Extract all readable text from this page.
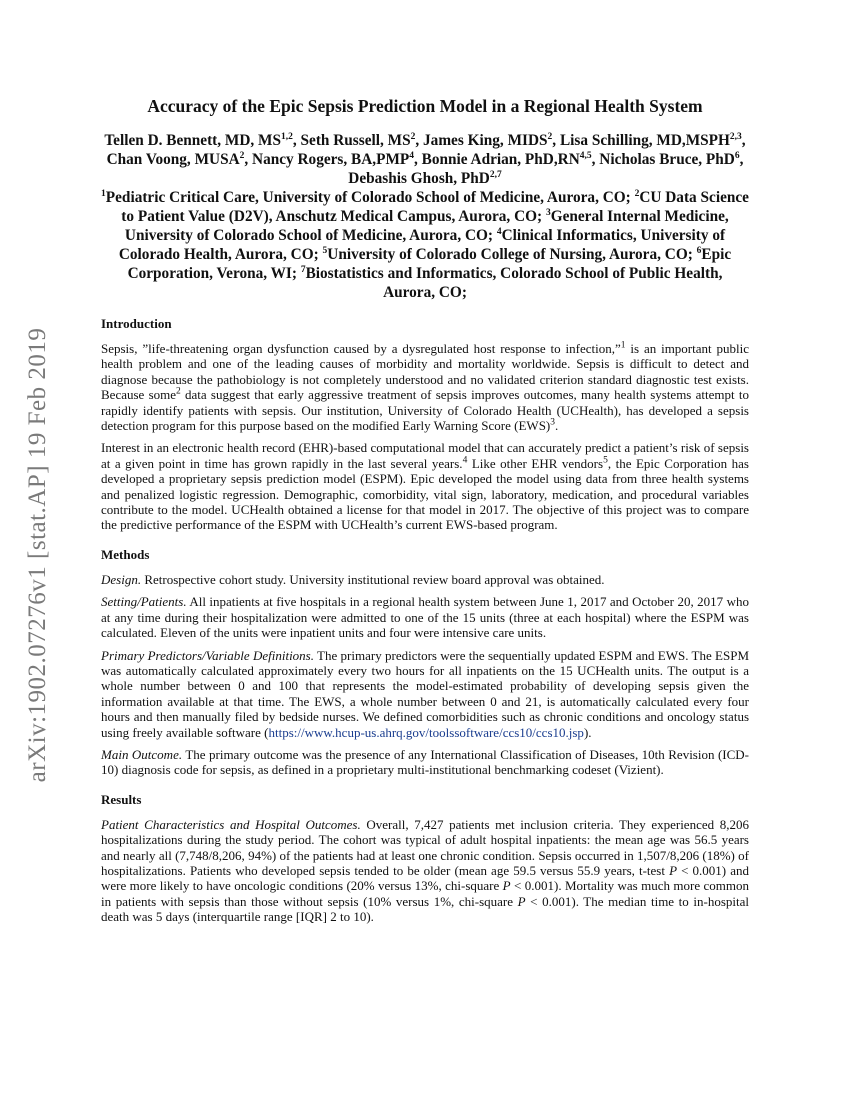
arXiv:1902.07276v1 [stat.AP] 19 Feb 2019
Accuracy of the Epic Sepsis Prediction Model in a Regional Health System

Tellen D. Bennett, MD, MS$^{1,2}$, Seth Russell, $MS^2$, James King, MIDS$^2$, Lisa Schilling, MD,MSPH$^{2,3}$, Chan Voong, MUSA$^2$, Nancy Rogers, BA,PMP$^4$, Bonnie Adrian, PhD,RN$^{4,5}$, Nicholas Bruce, PhD$^6$, Debashis Ghosh, PhD$^{2,7}$

$^1$Pediatric Critical Care, University of Colorado School of Medicine, Aurora, CO; $^2$CU Data Science to Patient Value (D2V), Anschutz Medical Campus, Aurora, CO; $^3$General Internal Medicine, University of Colorado School of Medicine, Aurora, CO; $^4$Clinical Informatics, University of Colorado Health, Aurora, CO; $^5$University of Colorado College of Nursing, Aurora, CO; $^6$Epic Corporation, Verona, WI; $^7$Biostatistics and Informatics, Colorado School of Public Health, Aurora, CO;

Introduction

Sepsis, ”life-threatening organ dysfunction caused by a dysregulated host response to infection,”$^1$ is an important public health problem and one of the leading causes of morbidity and mortality worldwide. Sepsis is difficult to detect and diagnose because the pathobiology is not completely understood and no validated criterion standard diagnostic test exists. Because some$^2$ data suggest that early aggressive treatment of sepsis improves outcomes, many health systems attempt to rapidly identify patients with sepsis. Our institution, University of Colorado Health (UCHealth), has developed a sepsis detection program for this purpose based on the modified Early Warning Score (EWS)$^3$.

Interest in an electronic health record (EHR)-based computational model that can accurately predict a patient’s risk of sepsis at a given point in time has grown rapidly in the last several years.$^4$ Like other EHR vendors$^5$, the Epic Corporation has developed a proprietary sepsis prediction model (ESPM). Epic developed the model using data from three health systems and penalized logistic regression. Demographic, comorbidity, vital sign, laboratory, medication, and procedural variables contribute to the model. UCHealth obtained a license for that model in 2017. The objective of this project was to compare the predictive performance of the ESPM with UCHealth’s current EWS-based program.

Methods

Design. Retrospective cohort study. University institutional review board approval was obtained.

Setting/Patients. All inpatients at five hospitals in a regional health system between June 1, 2017 and October 20, 2017 who at any time during their hospitalization were admitted to one of the 15 units (three at each hospital) where the ESPM was calculated. Eleven of the units were inpatient units and four were intensive care units.

Primary Predictors/Variable Definitions. The primary predictors were the sequentially updated ESPM and EWS. The ESPM was automatically calculated approximately every two hours for all inpatients on the 15 UCHealth units. The output is a whole number between 0 and 100 that represents the model-estimated probability of developing sepsis given the information available at that time. The EWS, a whole number between 0 and 21, is automatically calculated every four hours and then manually filed by bedside nurses. We defined comorbidities such as chronic conditions and oncology status using freely available software (https://www.hcup-us.ahrq.gov/toolssoftware/ccs10/ccs10.jsp).

Main Outcome. The primary outcome was the presence of any International Classification of Diseases, 10th Revision (ICD-10) diagnosis code for sepsis, as defined in a proprietary multi-institutional benchmarking codeset (Vizient).

Results

Patient Characteristics and Hospital Outcomes. Overall, 7,427 patients met inclusion criteria. They experienced 8,206 hospitalizations during the study period. The cohort was typical of adult hospital inpatients: the mean age was 56.5 years and nearly all (7,748/8,206, 94%) of the patients had at least one chronic condition. Sepsis occurred in 1,507/8,206 (18%) of hospitalizations. Patients who developed sepsis tended to be older (mean age 59.5 versus 55.9 years, t-test P < 0.001) and were more likely to have oncologic conditions (20% versus 13%, chi-square P < 0.001). Mortality was much more common in patients with sepsis than those without sepsis (10% versus 1%, chi-square P < 0.001). The median time to in-hospital death was 5 days (interquartile range [IQR] 2 to 10).
